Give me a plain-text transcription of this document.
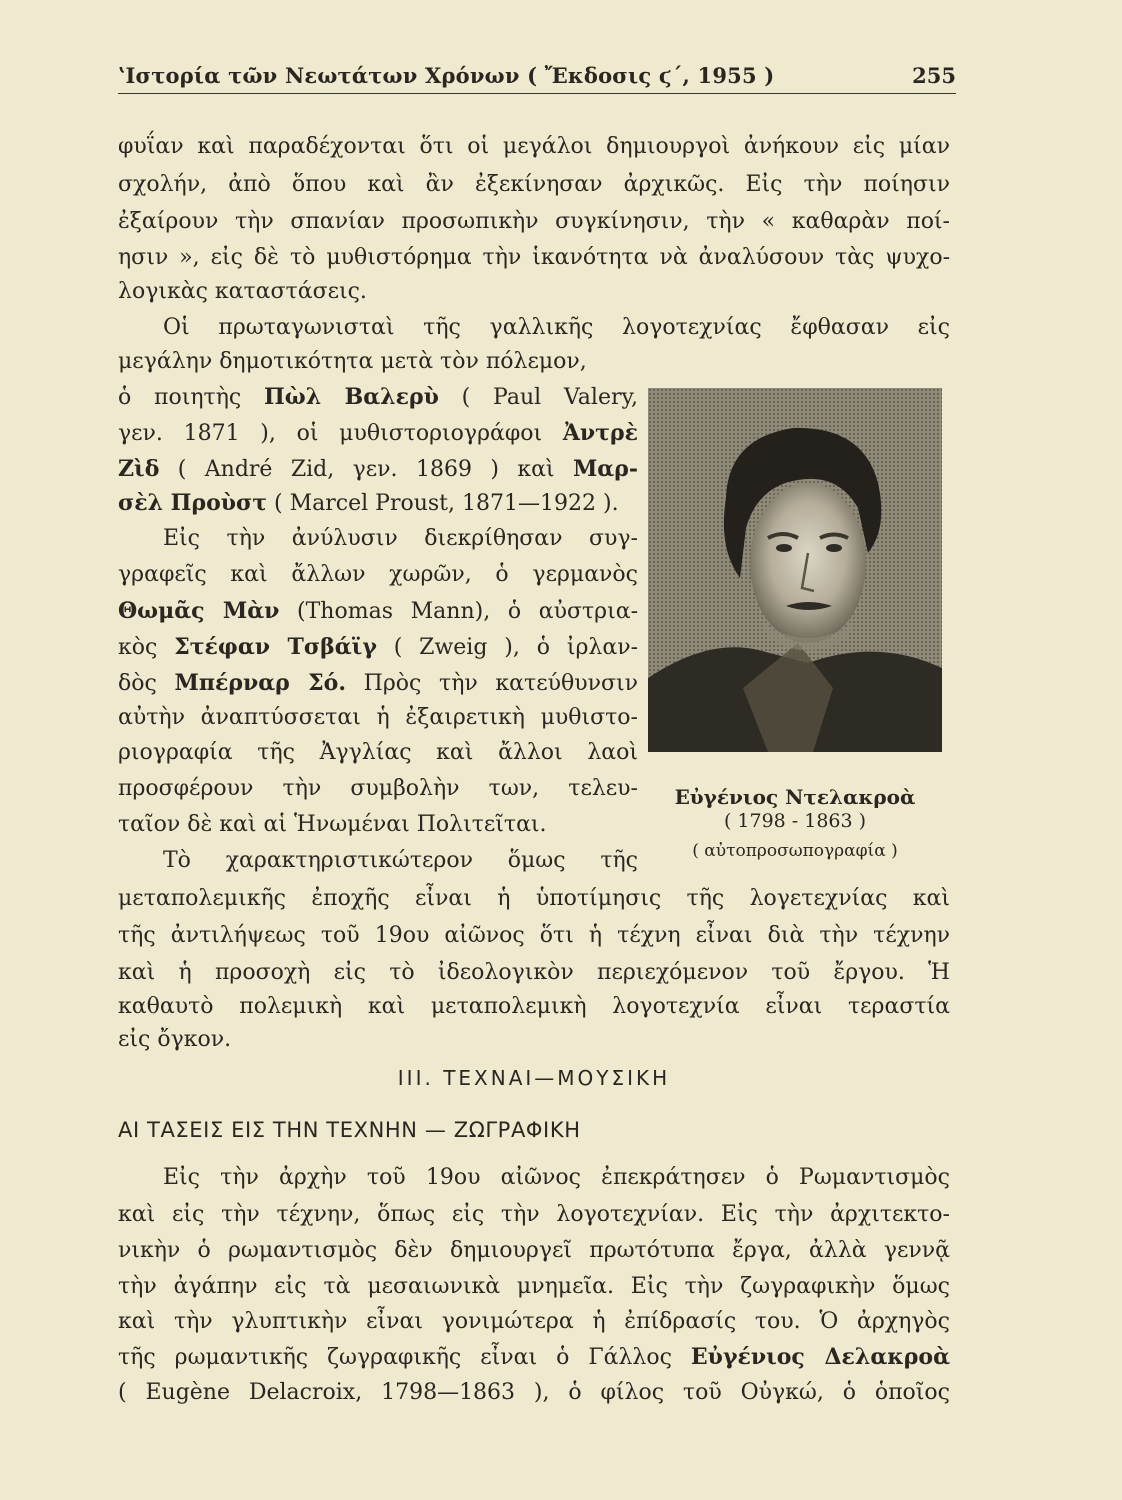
ʽΙστορία τῶν Νεωτάτων Χρόνων ( Ἔκδοσις ϛ΄, 1955 )	255
φυΐαν καὶ παραδέχονται ὅτι οἱ μεγάλοι δημιουργοὶ ἀνήκουν εἰς μίαν
σχολήν, ἀπὸ ὅπου καὶ ἂν ἐξεκίνησαν ἀρχικῶς. Εἰς τὴν ποίησιν
ἐξαίρουν τὴν σπανίαν προσωπικὴν συγκίνησιν, τὴν « καθαρὰν ποί-
ησιν », εἰς δὲ τὸ μυθιστόρημα τὴν ἱκανότητα νὰ ἀναλύσουν τὰς ψυχο-
λογικὰς καταστάσεις.
Οἱ πρωταγωνισταὶ τῆς γαλλικῆς λογοτεχνίας ἔφθασαν εἰς
μεγάλην δημοτικότητα μετὰ τὸν πόλεμον,
ὁ ποιητὴς Πὼλ Βαλερὺ ( Paul Valery,
γεν. 1871 ), οἱ μυθιστοριογράφοι Ἀντρὲ
Ζὶδ ( André Zid, γεν. 1869 ) καὶ Μαρ-
σὲλ Προὺστ ( Marcel Proust, 1871—1922 ).
Εἰς τὴν ἀνύλυσιν διεκρίθησαν συγ-
γραφεῖς καὶ ἄλλων χωρῶν, ὁ γερμανὸς
Θωμᾶς Μὰν (Thomas Mann), ὁ αὐστρια-
κὸς Στέφαν Τσβάϊγ ( Zweig ), ὁ ἰρλαν-
δὸς Μπέρναρ Σό. Πρὸς τὴν κατεύθυνσιν
αὐτὴν ἀναπτύσσεται ἡ ἐξαιρετικὴ μυθιστο-
ριογραφία τῆς Ἀγγλίας καὶ ἄλλοι λαοὶ
προσφέρουν τὴν συμβολὴν των, τελευ-
ταῖον δὲ καὶ αἱ Ἡνωμέναι Πολιτεῖται.
Τὸ χαρακτηριστικώτερον ὅμως τῆς
μεταπολεμικῆς ἐποχῆς εἶναι ἡ ὑποτίμησις τῆς λογετεχνίας καὶ
τῆς ἀντιλήψεως τοῦ 19ου αἰῶνος ὅτι ἡ τέχνη εἶναι διὰ τὴν τέχνην
καὶ ἡ προσοχὴ εἰς τὸ ἰδεολογικὸν περιεχόμενον τοῦ ἔργου. Ἡ
καθαυτὸ πολεμικὴ καὶ μεταπολεμικὴ λογοτεχνία εἶναι τεραστία
εἰς ὄγκον.
ΙΙΙ. ΤΕΧΝΑΙ—ΜΟΥΣΙΚΗ
ΑΙ ΤΑΣΕΙΣ ΕΙΣ ΤΗΝ ΤΕΧΝΗΝ — ΖΩΓΡΑΦΙΚΗ
Εἰς τὴν ἀρχὴν τοῦ 19ου αἰῶνος ἐπεκράτησεν ὁ Ρωμαντισμὸς
καὶ εἰς τὴν τέχνην, ὅπως εἰς τὴν λογοτεχνίαν. Εἰς τὴν ἀρχιτεκτο-
νικὴν ὁ ρωμαντισμὸς δὲν δημιουργεῖ πρωτότυπα ἔργα, ἀλλὰ γεννᾷ
τὴν ἀγάπην εἰς τὰ μεσαιωνικὰ μνημεῖα. Εἰς τὴν ζωγραφικὴν ὅμως
καὶ τὴν γλυπτικὴν εἶναι γονιμώτερα ἡ ἐπίδρασίς του. Ὁ ἀρχηγὸς
τῆς ρωμαντικῆς ζωγραφικῆς εἶναι ὁ Γάλλος Εὐγένιος Δελακροὰ
( Eugène Delacroix, 1798—1863 ), ὁ φίλος τοῦ Οὐγκώ, ὁ ὁποῖος
Εὐγένιος Ντελακροὰ
( 1798 - 1863 )
( αὐτοπροσωπογραφία )
